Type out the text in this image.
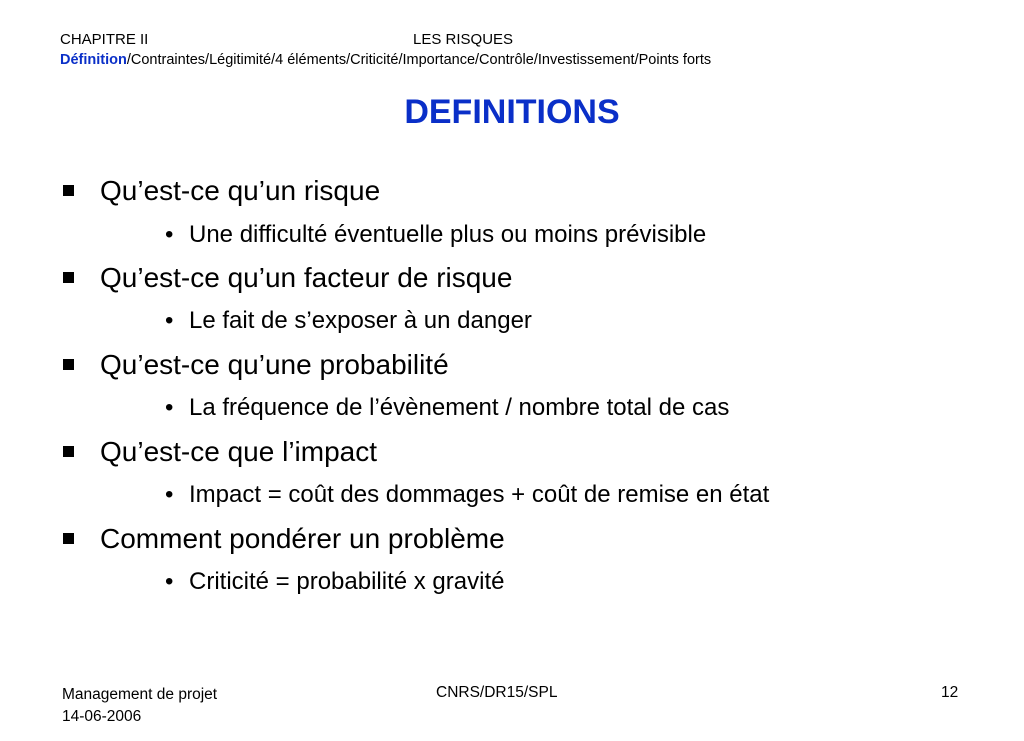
CHAPITRE II	LES RISQUES
Définition/Contraintes/Légitimité/4 éléments/Criticité/Importance/Contrôle/Investissement/Points forts
DEFINITIONS
Qu’est-ce qu’un risque
• Une difficulté éventuelle plus ou moins prévisible
Qu’est-ce qu’un facteur de risque
• Le fait de s’exposer à un danger
Qu’est-ce qu’une probabilité
• La fréquence de l’évènement / nombre total de cas
Qu’est-ce que l’impact
• Impact = coût des dommages + coût de remise en état
Comment pondérer un problème
• Criticité = probabilité x gravité
Management de projet
14-06-2006
CNRS/DR15/SPL	12
